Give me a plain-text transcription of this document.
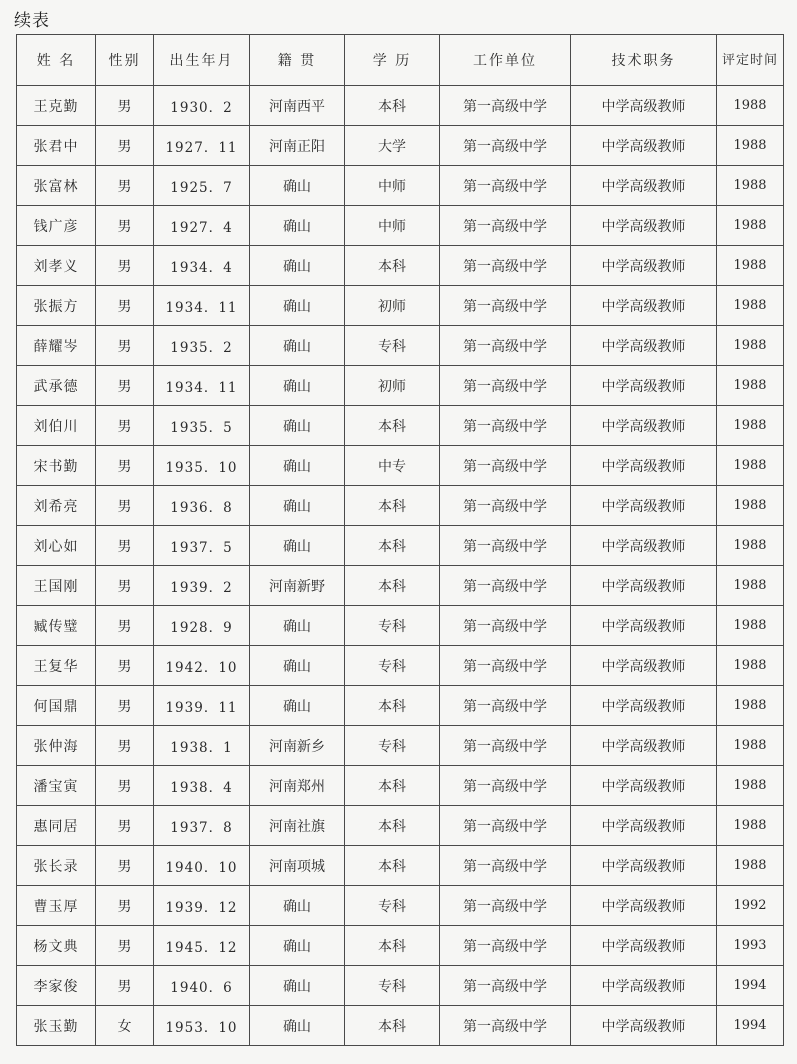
续表
姓 名	性别	出生年月	籍 贯	学 历	工作单位	技术职务	评定时间
王克勤	男	1930．2	河南西平	本科	第一高级中学	中学高级教师	1988
张君中	男	1927．11	河南正阳	大学	第一高级中学	中学高级教师	1988
张富林	男	1925．7	确山	中师	第一高级中学	中学高级教师	1988
钱广彦	男	1927．4	确山	中师	第一高级中学	中学高级教师	1988
刘孝义	男	1934．4	确山	本科	第一高级中学	中学高级教师	1988
张振方	男	1934．11	确山	初师	第一高级中学	中学高级教师	1988
薛耀岑	男	1935．2	确山	专科	第一高级中学	中学高级教师	1988
武承德	男	1934．11	确山	初师	第一高级中学	中学高级教师	1988
刘伯川	男	1935．5	确山	本科	第一高级中学	中学高级教师	1988
宋书勤	男	1935．10	确山	中专	第一高级中学	中学高级教师	1988
刘希亮	男	1936．8	确山	本科	第一高级中学	中学高级教师	1988
刘心如	男	1937．5	确山	本科	第一高级中学	中学高级教师	1988
王国刚	男	1939．2	河南新野	本科	第一高级中学	中学高级教师	1988
臧传璧	男	1928．9	确山	专科	第一高级中学	中学高级教师	1988
王复华	男	1942．10	确山	专科	第一高级中学	中学高级教师	1988
何国鼎	男	1939．11	确山	本科	第一高级中学	中学高级教师	1988
张仲海	男	1938．1	河南新乡	专科	第一高级中学	中学高级教师	1988
潘宝寅	男	1938．4	河南郑州	本科	第一高级中学	中学高级教师	1988
惠同居	男	1937．8	河南社旗	本科	第一高级中学	中学高级教师	1988
张长录	男	1940．10	河南项城	本科	第一高级中学	中学高级教师	1988
曹玉厚	男	1939．12	确山	专科	第一高级中学	中学高级教师	1992
杨文典	男	1945．12	确山	本科	第一高级中学	中学高级教师	1993
李家俊	男	1940．6	确山	专科	第一高级中学	中学高级教师	1994
张玉勤	女	1953．10	确山	本科	第一高级中学	中学高级教师	1994
